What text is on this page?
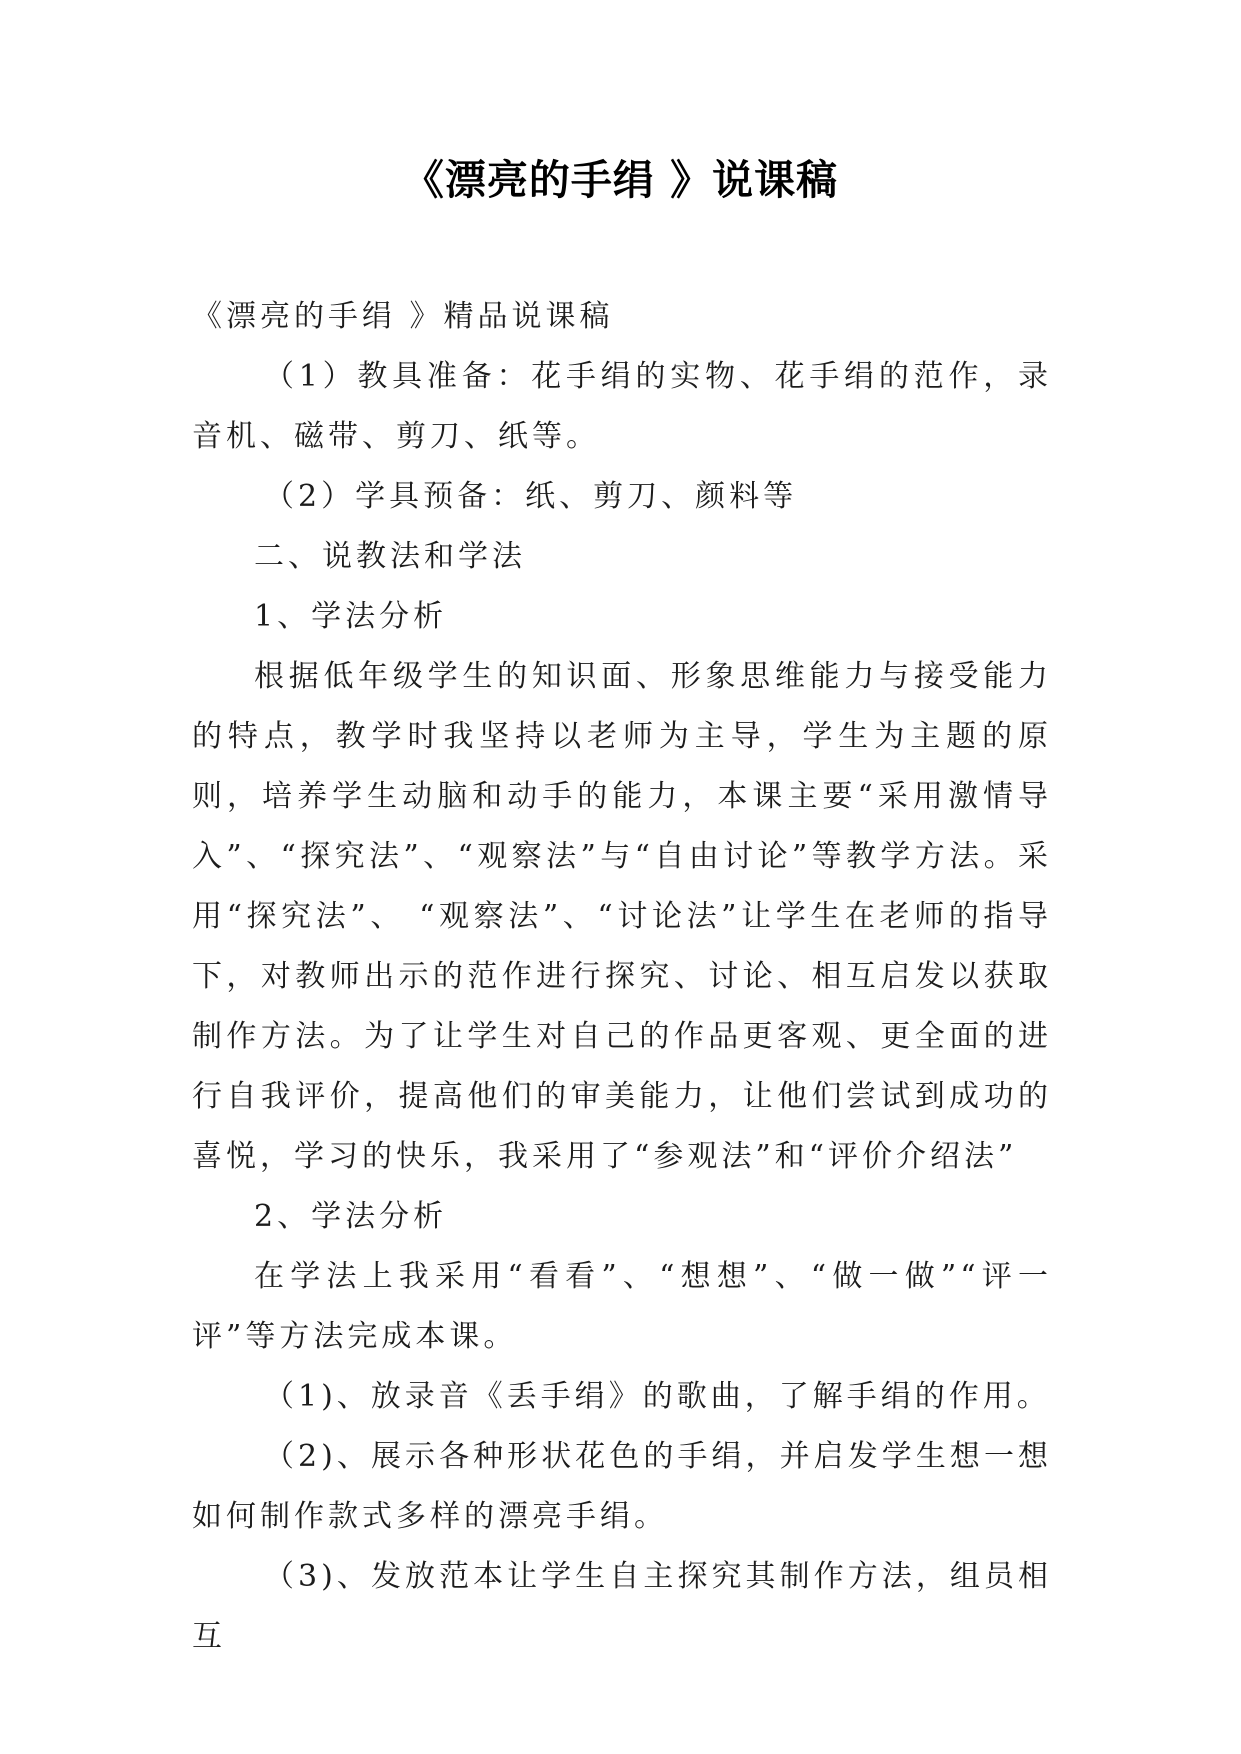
《漂亮的手绢 》说课稿

《漂亮的手绢 》精品说课稿

（1）教具准备：花手绢的实物、花手绢的范作，录音机、磁带、剪刀、纸等。

（2）学具预备：纸、剪刀、颜料等

二、说教法和学法

1、学法分析

根据低年级学生的知识面、形象思维能力与接受能力的特点，教学时我坚持以老师为主导，学生为主题的原则，培养学生动脑和动手的能力，本课主要“采用激情导入”、“探究法”、“观察法”与“自由讨论”等教学方法。采用“探究法”、 “观察法”、“讨论法”让学生在老师的指导下，对教师出示的范作进行探究、讨论、相互启发以获取制作方法。为了让学生对自己的作品更客观、更全面的进行自我评价，提高他们的审美能力，让他们尝试到成功的喜悦，学习的快乐，我采用了“参观法”和“评价介绍法”

2、学法分析

在学法上我采用“看看”、“想想”、“做一做”“评一评”等方法完成本课。

（1)、放录音《丢手绢》的歌曲，了解手绢的作用。

（2)、展示各种形状花色的手绢，并启发学生想一想如何制作款式多样的漂亮手绢。

（3)、发放范本让学生自主探究其制作方法，组员相互
